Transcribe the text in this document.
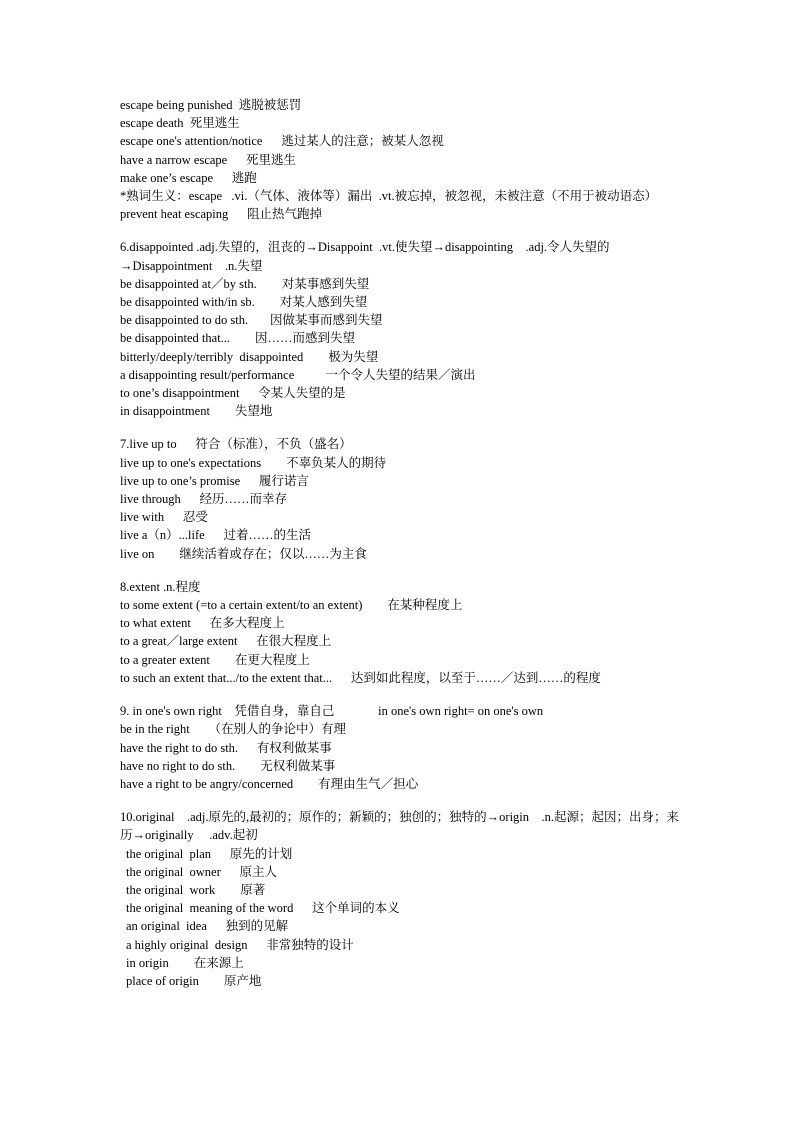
escape being punished  逃脱被惩罚
escape death  死里逃生
escape one's attention/notice      逃过某人的注意；被某人忽视
have a narrow escape      死里逃生
make one’s escape      逃跑
*熟词生义：escape   .vi.（气体、液体等）漏出  .vt.被忘掉，被忽视，未被注意（不用于被动语态）
prevent heat escaping      阻止热气跑掉
6.disappointed .adj.失望的，沮丧的→Disappoint  .vt.使失望→disappointing    .adj.令人失望的→Disappointment    .n.失望
be disappointed at／by sth.        对某事感到失望
be disappointed with/in sb.        对某人感到失望
be disappointed to do sth.       因做某事而感到失望
be disappointed that...        因……而感到失望
bitterly/deeply/terribly  disappointed        极为失望
a disappointing result/performance          一个令人失望的结果／演出
to one’s disappointment      令某人失望的是
in disappointment        失望地
7.live up to      符合（标准），不负（盛名）
live up to one's expectations        不辜负某人的期待
live up to one’s promise      履行诺言
live through      经历……而幸存
live with      忍受
live a（n）...life      过着……的生活
live on        继续活着或存在；仅以……为主食
8.extent .n.程度
to some extent (=to a certain extent/to an extent)        在某种程度上
to what extent      在多大程度上
to a great／large extent      在很大程度上
to a greater extent        在更大程度上
to such an extent that.../to the extent that...      达到如此程度，以至于……／达到……的程度
9. in one's own right    凭借自身，靠自己              in one's own right= on one's own
be in the right      （在别人的争论中）有理
have the right to do sth.      有权利做某事
have no right to do sth.        无权利做某事
have a right to be angry/concerned        有理由生气／担心
10.original    .adj.原先的,最初的；原作的；新颖的；独创的；独特的→origin    .n.起源；起因；出身；来历→originally     .adv.起初
the original  plan      原先的计划
the original  owner      原主人
the original  work        原著
the original  meaning of the word      这个单词的本义
an original  idea      独到的见解
a highly original  design      非常独特的设计
in origin        在来源上
place of origin        原产地
